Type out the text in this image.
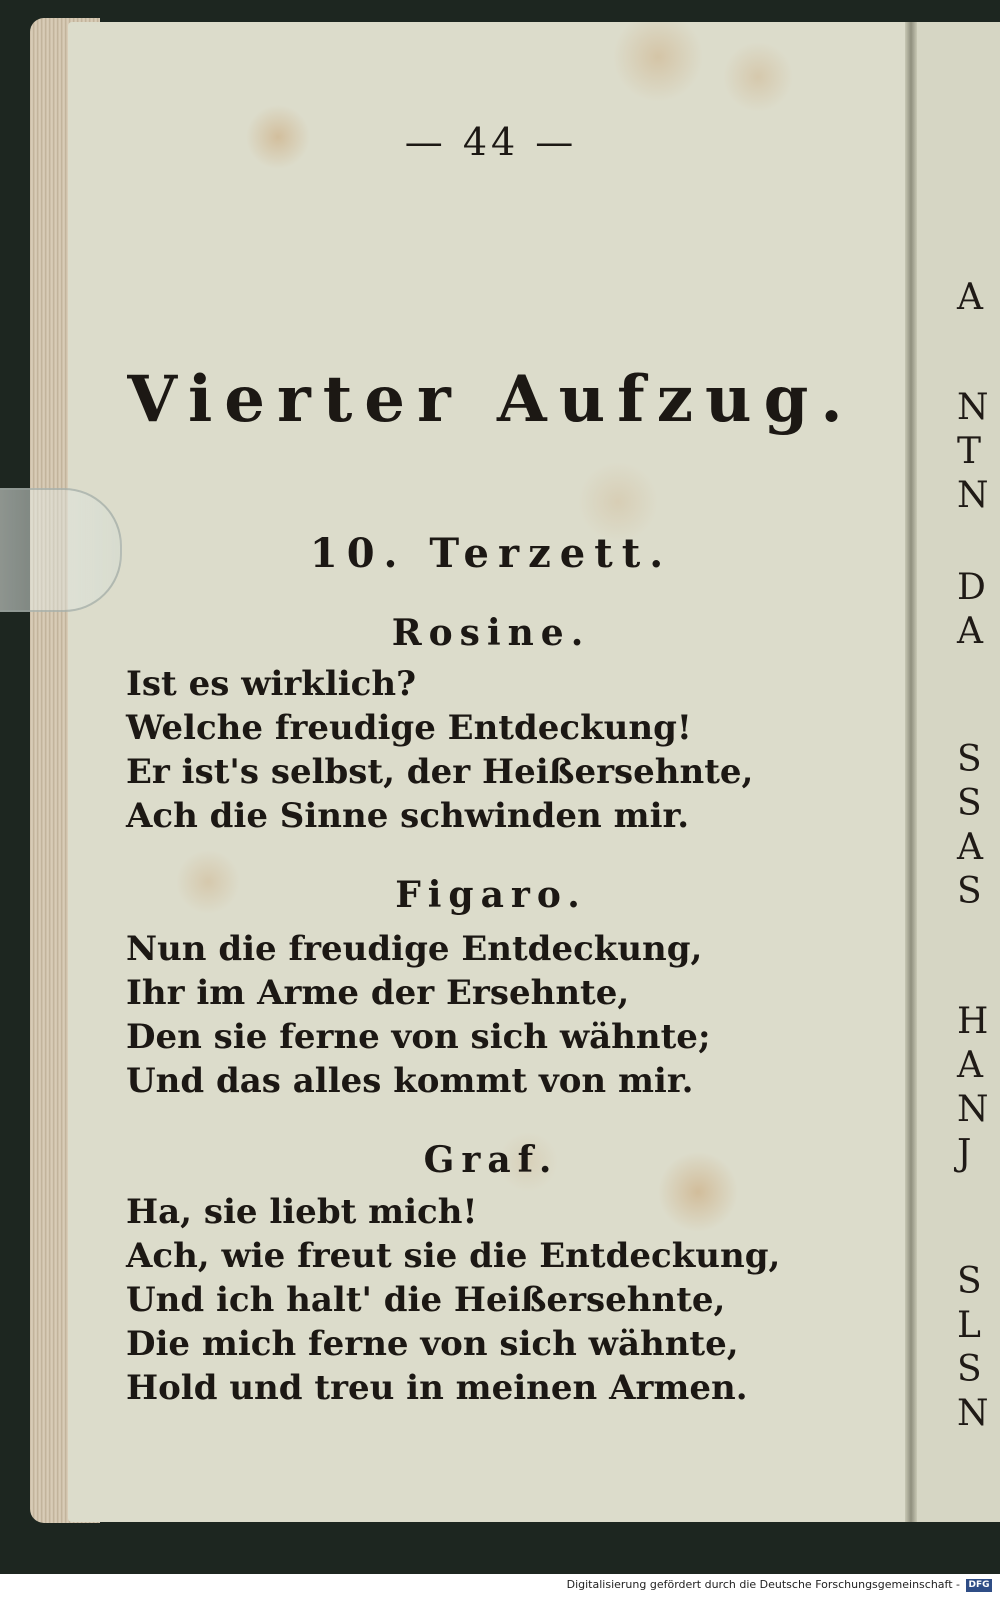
— 44 —
Vierter Aufzug.
10. Terzett.
Rosine.
Ist es wirklich?
Welche freudige Entdeckung!
Er ist's selbst, der Heißersehnte,
Ach die Sinne schwinden mir.
Figaro.
Nun die freudige Entdeckung,
Ihr im Arme der Ersehnte,
Den sie ferne von sich wähnte;
Und das alles kommt von mir.
Graf.
Ha, sie liebt mich!
Ach, wie freut sie die Entdeckung,
Und ich halt' die Heißersehnte,
Die mich ferne von sich wähnte,
Hold und treu in meinen Armen.
A
N
T
N
D
A
S
S
A
S
H
A
N
J
S
L
S
N
Digitalisierung gefördert durch die Deutsche Forschungsgemeinschaft - DFG
